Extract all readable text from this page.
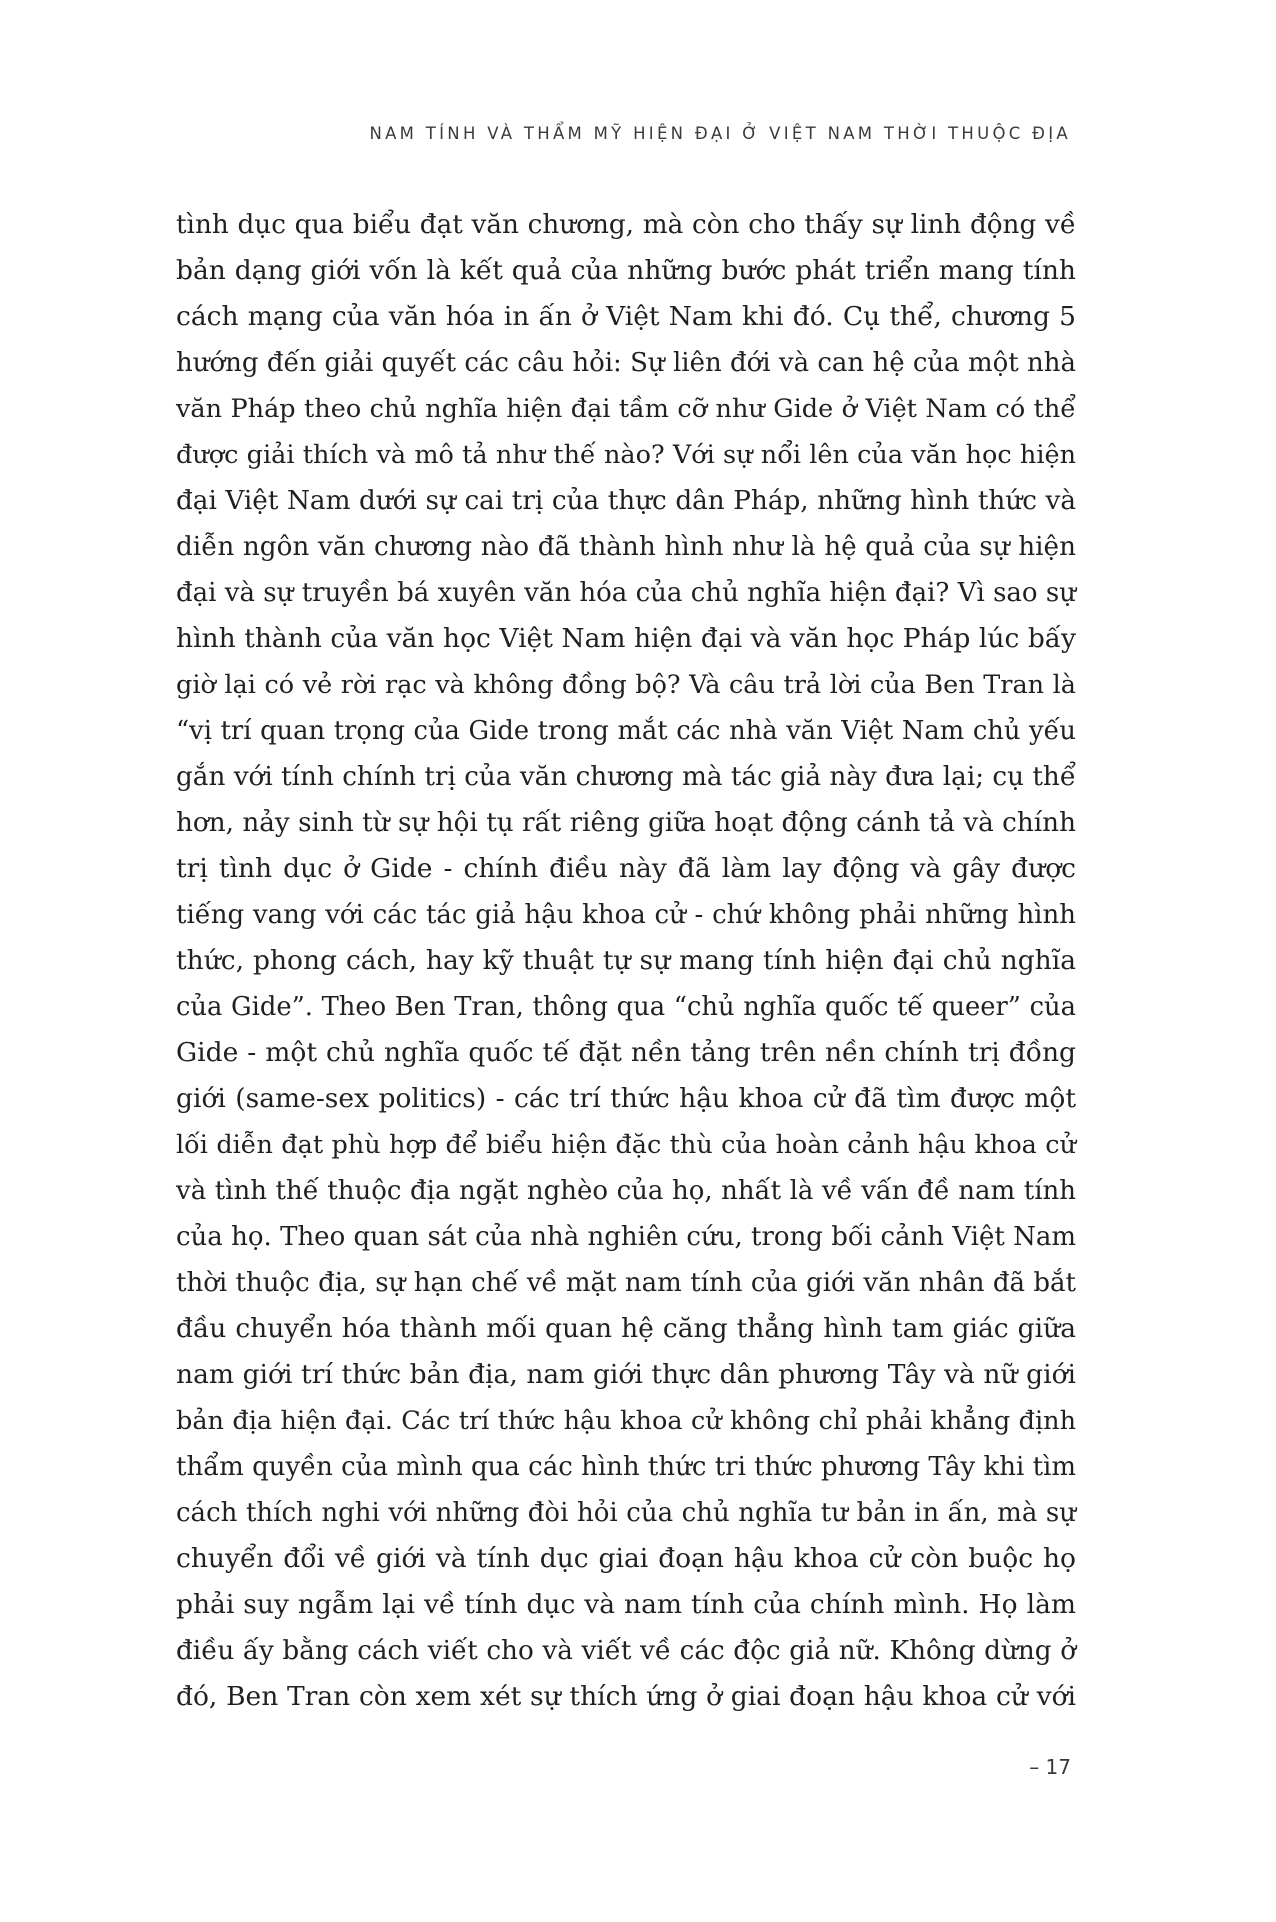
NAM TÍNH VÀ THẨM MỸ HIỆN ĐẠI Ở VIỆT NAM THỜI THUỘC ĐỊA
tình dục qua biểu đạt văn chương, mà còn cho thấy sự linh động về
bản dạng giới vốn là kết quả của những bước phát triển mang tính
cách mạng của văn hóa in ấn ở Việt Nam khi đó. Cụ thể, chương 5
hướng đến giải quyết các câu hỏi: Sự liên đới và can hệ của một nhà
văn Pháp theo chủ nghĩa hiện đại tầm cỡ như Gide ở Việt Nam có thể
được giải thích và mô tả như thế nào? Với sự nổi lên của văn học hiện
đại Việt Nam dưới sự cai trị của thực dân Pháp, những hình thức và
diễn ngôn văn chương nào đã thành hình như là hệ quả của sự hiện
đại và sự truyền bá xuyên văn hóa của chủ nghĩa hiện đại? Vì sao sự
hình thành của văn học Việt Nam hiện đại và văn học Pháp lúc bấy
giờ lại có vẻ rời rạc và không đồng bộ? Và câu trả lời của Ben Tran là
“vị trí quan trọng của Gide trong mắt các nhà văn Việt Nam chủ yếu
gắn với tính chính trị của văn chương mà tác giả này đưa lại; cụ thể
hơn, nảy sinh từ sự hội tụ rất riêng giữa hoạt động cánh tả và chính
trị tình dục ở Gide - chính điều này đã làm lay động và gây được
tiếng vang với các tác giả hậu khoa cử - chứ không phải những hình
thức, phong cách, hay kỹ thuật tự sự mang tính hiện đại chủ nghĩa
của Gide”. Theo Ben Tran, thông qua “chủ nghĩa quốc tế queer” của
Gide - một chủ nghĩa quốc tế đặt nền tảng trên nền chính trị đồng
giới (same-sex politics) - các trí thức hậu khoa cử đã tìm được một
lối diễn đạt phù hợp để biểu hiện đặc thù của hoàn cảnh hậu khoa cử
và tình thế thuộc địa ngặt nghèo của họ, nhất là về vấn đề nam tính
của họ. Theo quan sát của nhà nghiên cứu, trong bối cảnh Việt Nam
thời thuộc địa, sự hạn chế về mặt nam tính của giới văn nhân đã bắt
đầu chuyển hóa thành mối quan hệ căng thẳng hình tam giác giữa
nam giới trí thức bản địa, nam giới thực dân phương Tây và nữ giới
bản địa hiện đại. Các trí thức hậu khoa cử không chỉ phải khẳng định
thẩm quyền của mình qua các hình thức tri thức phương Tây khi tìm
cách thích nghi với những đòi hỏi của chủ nghĩa tư bản in ấn, mà sự
chuyển đổi về giới và tính dục giai đoạn hậu khoa cử còn buộc họ
phải suy ngẫm lại về tính dục và nam tính của chính mình. Họ làm
điều ấy bằng cách viết cho và viết về các độc giả nữ. Không dừng ở
đó, Ben Tran còn xem xét sự thích ứng ở giai đoạn hậu khoa cử với
– 17
